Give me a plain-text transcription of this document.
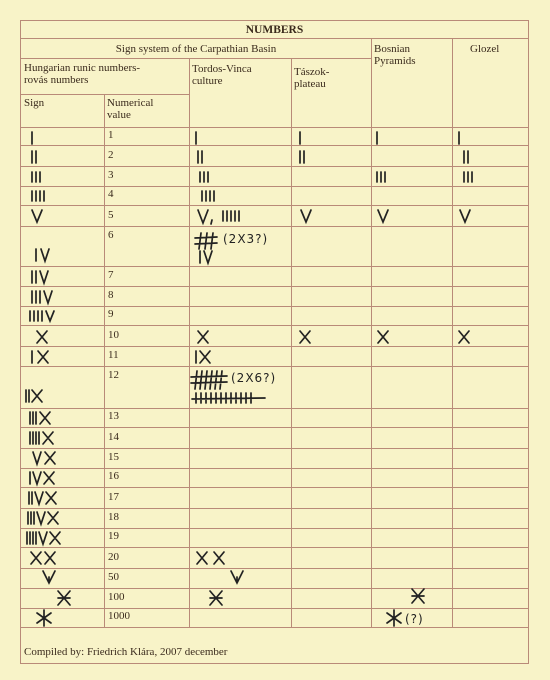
NUMBERS
Sign system of the Carpathian Basin
Hungarian runic numbers-
rovás numbers
Sign	Numerical
value
Tordos-Vinca
culture
Tászok-
plateau
Bosnian
Pyramids
Glozel
1
2
3
4
5
6
7
8
9
10
11
12
13
14
15
16
17
18
19
20
50
100
1000
(2X3?)
(2X6?)
(?)
Compiled by: Friedrich Klára, 2007 december
